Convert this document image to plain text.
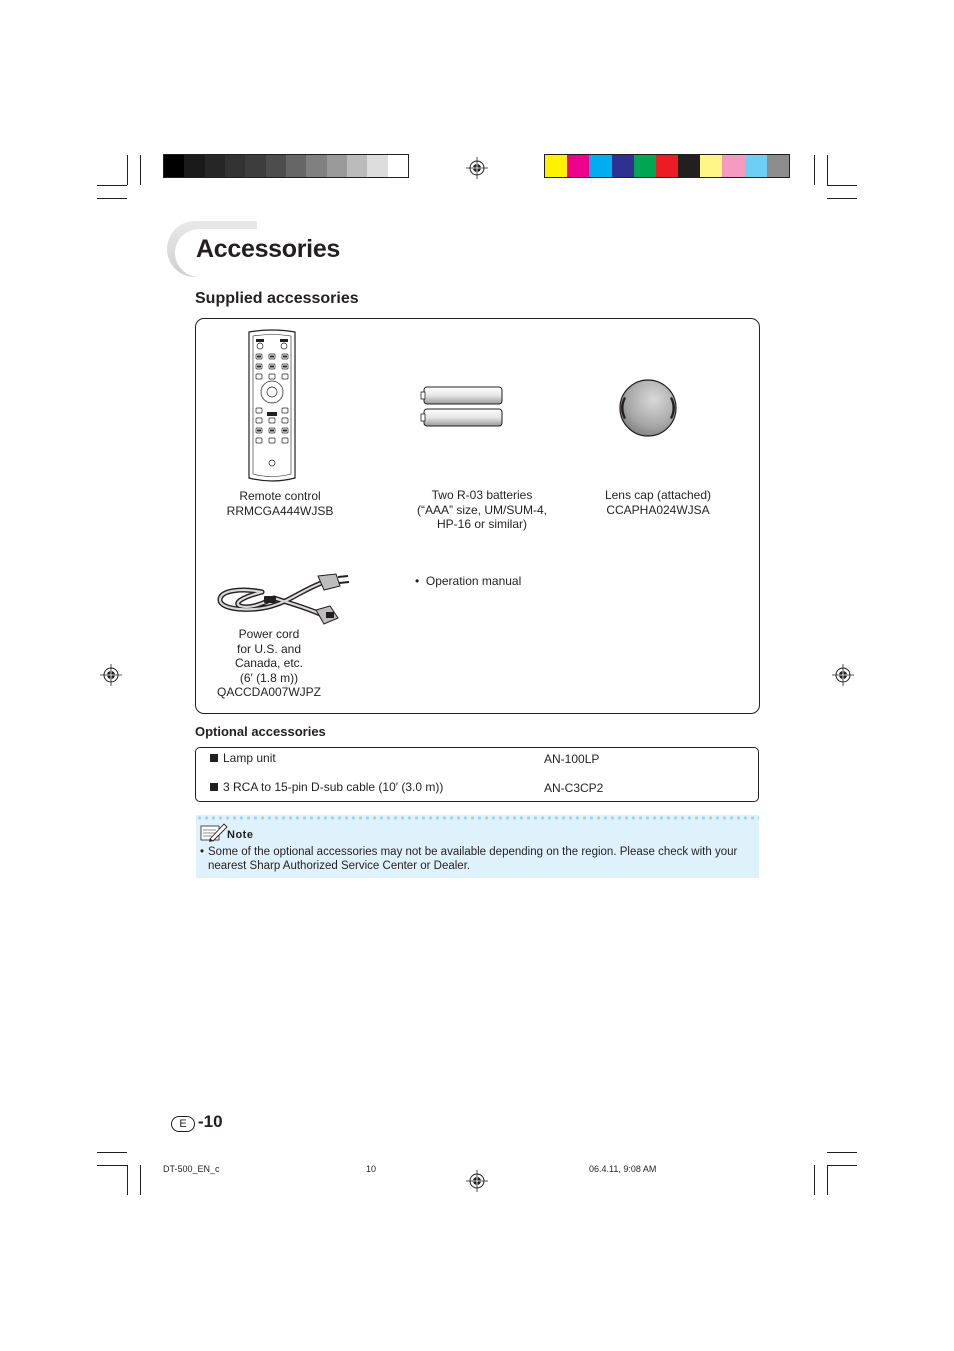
Accessories
Supplied accessories
Remote control
RRMCGA444WJSB
Two R-03 batteries
(“AAA” size, UM/SUM-4,
HP-16 or similar)
Lens cap (attached)
CCAPHA024WJSA
Power cord
for U.S. and
Canada, etc.
(6′ (1.8 m))
QACCDA007WJPZ
• Operation manual
Optional accessories
Lamp unit	AN-100LP
3 RCA to 15-pin D-sub cable (10′ (3.0 m))	AN-C3CP2
Note
• Some of the optional accessories may not be available depending on the region. Please check with your nearest Sharp Authorized Service Center or Dealer.
E -10
DT-500_EN_c	10	06.4.11, 9:08 AM
